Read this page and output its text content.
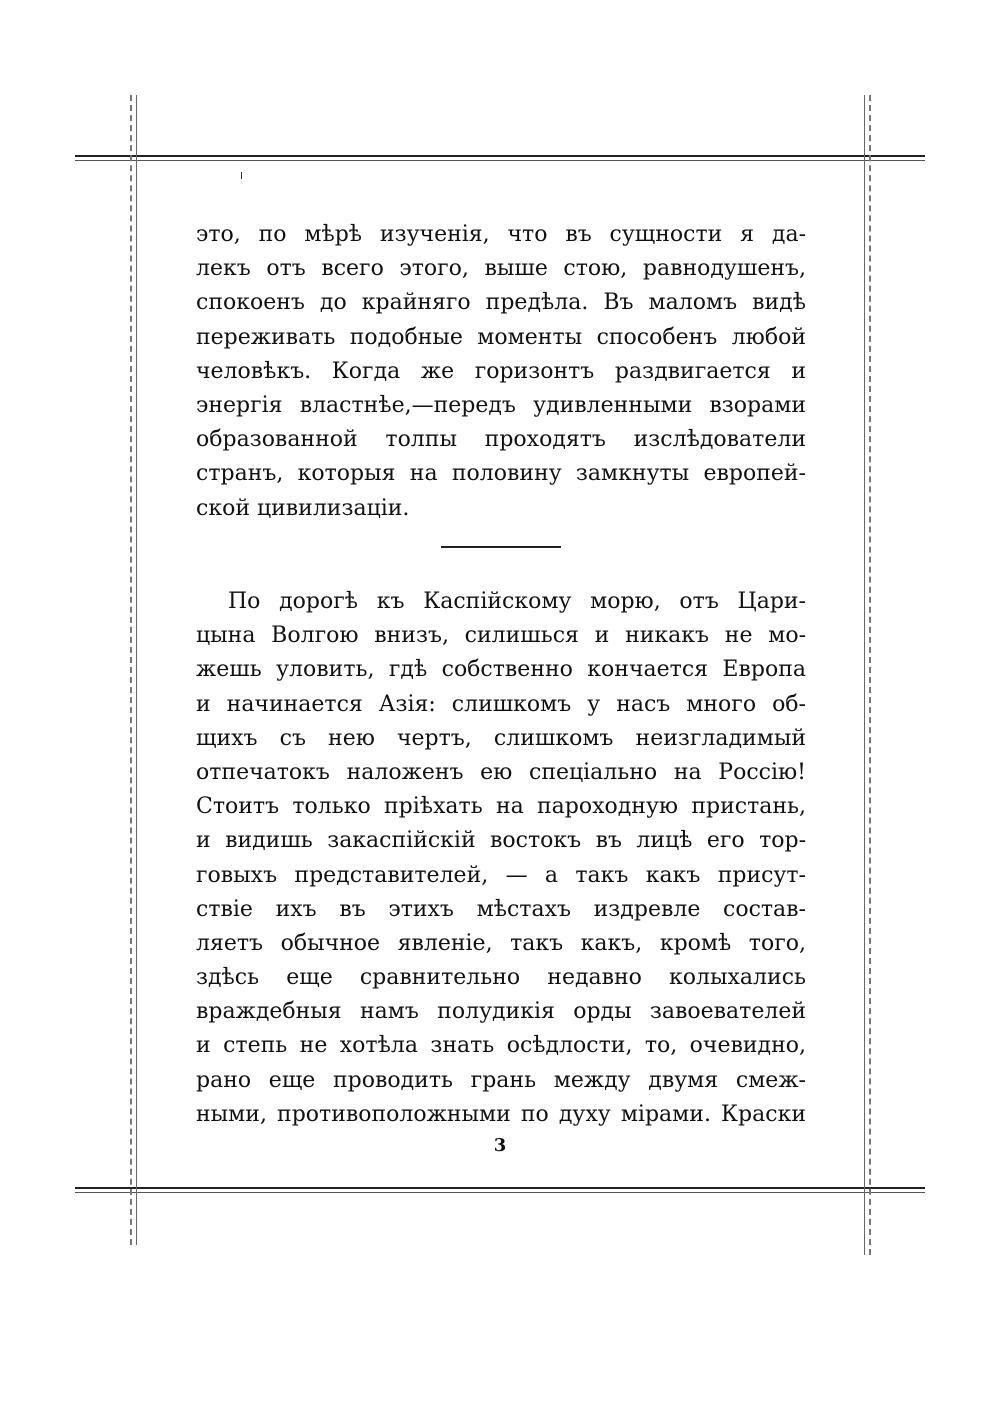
это, по мѣрѣ изученія, что въ сущности я да-
лекъ отъ всего этого, выше стою, равнодушенъ,
спокоенъ до крайняго предѣла. Въ маломъ видѣ
переживать подобные моменты способенъ любой
человѣкъ. Когда же горизонтъ раздвигается и
энергія властнѣе,—передъ удивленными взорами
образованной толпы проходятъ изслѣдователи
странъ, которыя на половину замкнуты европей-
ской цивилизаціи.
По дорогѣ къ Каспійскому морю, отъ Цари-
цына Волгою внизъ, силишься и никакъ не мо-
жешь уловить, гдѣ собственно кончается Европа
и начинается Азія: слишкомъ у насъ много об-
щихъ съ нею чертъ, слишкомъ неизгладимый
отпечатокъ наложенъ ею спеціально на Россію!
Стоитъ только пріѣхать на пароходную пристань,
и видишь закаспійскій востокъ въ лицѣ его тор-
говыхъ представителей, — а такъ какъ присут-
ствіе ихъ въ этихъ мѣстахъ издревле состав-
ляетъ обычное явленіе, такъ какъ, кромѣ того,
здѣсь еще сравнительно недавно колыхались
враждебныя намъ полудикія орды завоевателей
и степь не хотѣла знать осѣдлости, то, очевидно,
рано еще проводить грань между двумя смеж-
ными, противоположными по духу мірами. Краски
3
